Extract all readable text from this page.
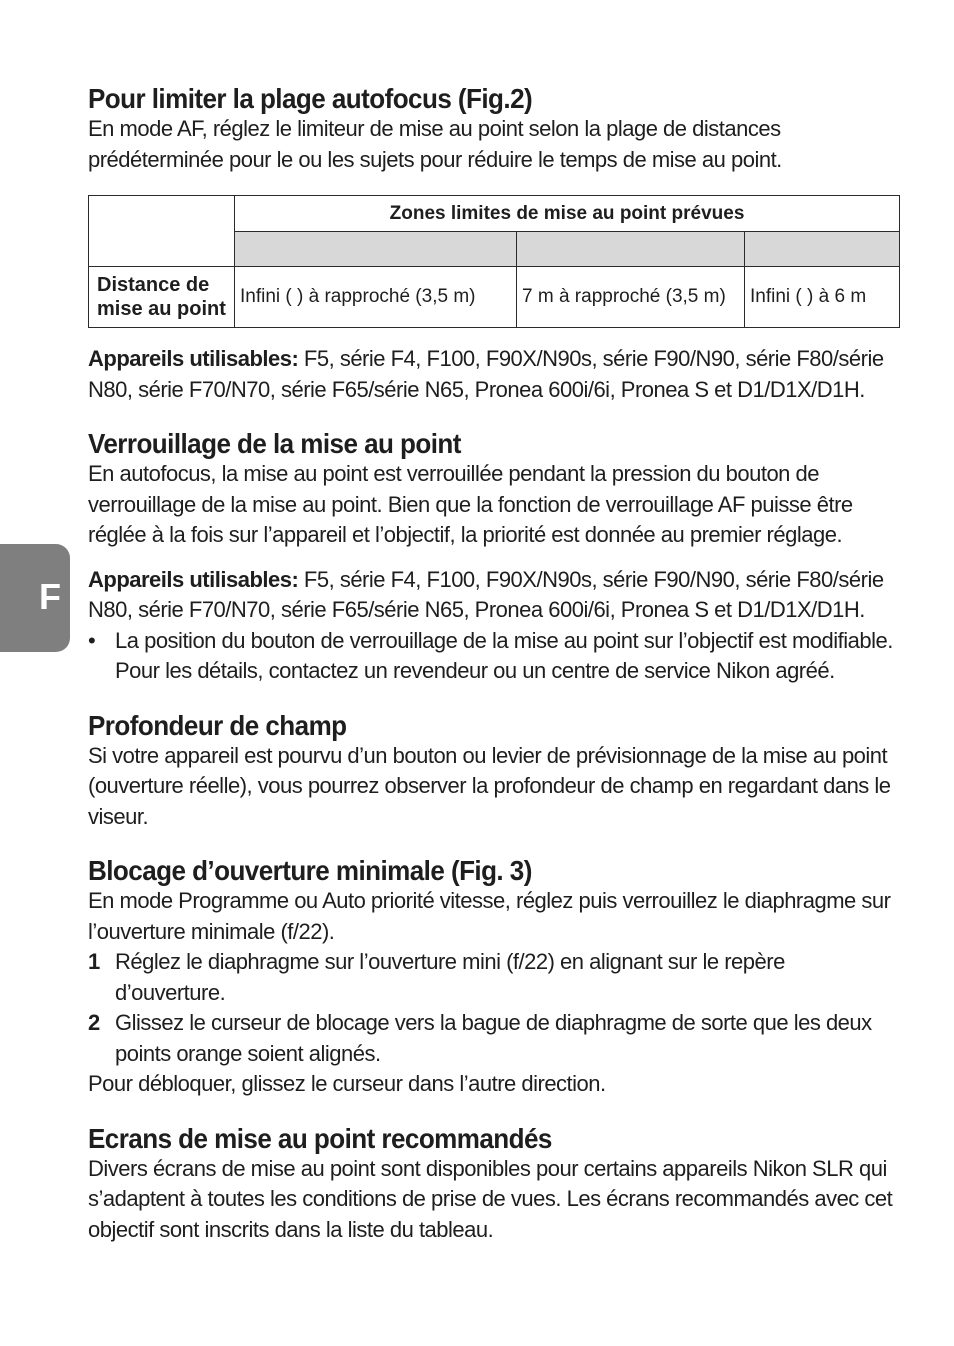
F
Pour limiter la plage autofocus (Fig.2)

En mode AF, réglez le limiteur de mise au point selon la plage de distances prédéterminée pour le ou les sujets pour réduire le temps de mise au point.

	Zones limites de mise au point prévues		

Distance de mise au point	Infini ( ) à rapproché (3,5 m)	7 m à rapproché (3,5 m)	Infini ( ) à 6 m

Appareils utilisables: F5, série F4, F100, F90X/N90s, série F90/N90, série F80/série N80, série F70/N70, série F65/série N65, Pronea 600i/6i, Pronea S et D1/D1X/D1H.

Verrouillage de la mise au point

En autofocus, la mise au point est verrouillée pendant la pression du bouton de verrouillage de la mise au point. Bien que la fonction de verrouillage AF puisse être réglée à la fois sur l’appareil et l’objectif, la priorité est donnée au premier réglage.

Appareils utilisables: F5, série F4, F100, F90X/N90s, série F90/N90, série F80/série N80, série F70/N70, série F65/série N65, Pronea 600i/6i, Pronea S et D1/D1X/D1H.

• La position du bouton de verrouillage de la mise au point sur l’objectif est modifiable. Pour les détails, contactez un revendeur ou un centre de service Nikon agréé.
Profondeur de champ

Si votre appareil est pourvu d’un bouton ou levier de prévisionnage de la mise au point (ouverture réelle), vous pourrez observer la profondeur de champ en regardant dans le viseur.

Blocage d’ouverture minimale (Fig. 3)

En mode Programme ou Auto priorité vitesse, réglez puis verrouillez le diaphragme sur l’ouverture minimale (f/22).

1 Réglez le diaphragme sur l’ouverture mini (f/22) en alignant sur le repère d’ouverture.
2 Glissez le curseur de blocage vers la bague de diaphragme de sorte que les deux points orange soient alignés.

Pour débloquer, glissez le curseur dans l’autre direction.

Ecrans de mise au point recommandés

Divers écrans de mise au point sont disponibles pour certains appareils Nikon SLR qui s’adaptent à toutes les conditions de prise de vues. Les écrans recommandés avec cet objectif sont inscrits dans la liste du tableau.
